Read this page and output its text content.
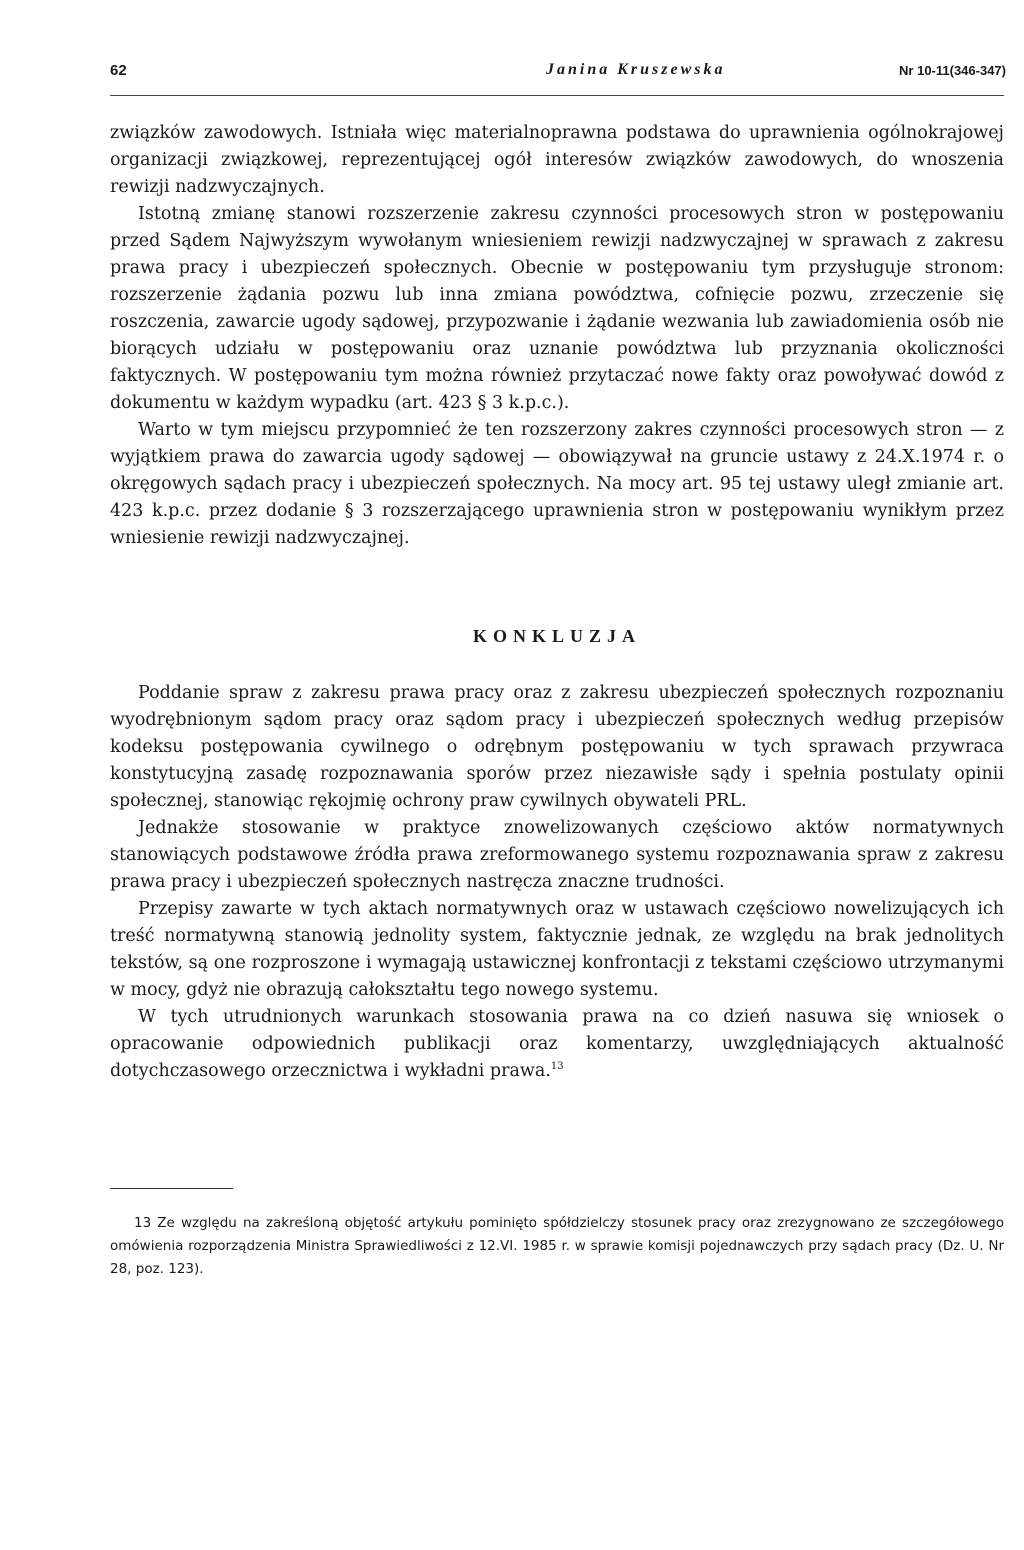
62	Janina Kruszewska	Nr 10-11(346-347)

związków zawodowych. Istniała więc materialnoprawna podstawa do uprawnienia ogólnokrajowej organizacji związkowej, reprezentującej ogół interesów związków zawodowych, do wnoszenia rewizji nadzwyczajnych.

Istotną zmianę stanowi rozszerzenie zakresu czynności procesowych stron w postępowaniu przed Sądem Najwyższym wywołanym wniesieniem rewizji nadzwyczajnej w sprawach z zakresu prawa pracy i ubezpieczeń społecznych. Obecnie w postępowaniu tym przysługuje stronom: rozszerzenie żądania pozwu lub inna zmiana powództwa, cofnięcie pozwu, zrzeczenie się roszczenia, zawarcie ugody sądowej, przypozwanie i żądanie wezwania lub zawiadomienia osób nie biorących udziału w postępowaniu oraz uznanie powództwa lub przyznania okoliczności faktycznych. W postępowaniu tym można również przytaczać nowe fakty oraz powoływać dowód z dokumentu w każdym wypadku (art. 423 § 3 k.p.c.).

Warto w tym miejscu przypomnieć że ten rozszerzony zakres czynności procesowych stron — z wyjątkiem prawa do zawarcia ugody sądowej — obowiązywał na gruncie ustawy z 24.X.1974 r. o okręgowych sądach pracy i ubezpieczeń społecznych. Na mocy art. 95 tej ustawy uległ zmianie art. 423 k.p.c. przez dodanie § 3 rozszerzającego uprawnienia stron w postępowaniu wynikłym przez wniesienie rewizji nadzwyczajnej.

KONKLUZJA

Poddanie spraw z zakresu prawa pracy oraz z zakresu ubezpieczeń społecznych rozpoznaniu wyodrębnionym sądom pracy oraz sądom pracy i ubezpieczeń społecznych według przepisów kodeksu postępowania cywilnego o odrębnym postępowaniu w tych sprawach przywraca konstytucyjną zasadę rozpoznawania sporów przez niezawisłe sądy i spełnia postulaty opinii społecznej, stanowiąc rękojmię ochrony praw cywilnych obywateli PRL.

Jednakże stosowanie w praktyce znowelizowanych częściowo aktów normatywnych stanowiących podstawowe źródła prawa zreformowanego systemu rozpoznawania spraw z zakresu prawa pracy i ubezpieczeń społecznych nastręcza znaczne trudności.

Przepisy zawarte w tych aktach normatywnych oraz w ustawach częściowo nowelizujących ich treść normatywną stanowią jednolity system, faktycznie jednak, ze względu na brak jednolitych tekstów, są one rozproszone i wymagają ustawicznej konfrontacji z tekstami częściowo utrzymanymi w mocy, gdyż nie obrazują całokształtu tego nowego systemu.

W tych utrudnionych warunkach stosowania prawa na co dzień nasuwa się wniosek o opracowanie odpowiednich publikacji oraz komentarzy, uwzględniających aktualność dotychczasowego orzecznictwa i wykładni prawa.$^{13}$

13 Ze względu na zakreśloną objętość artykułu pominięto spółdzielczy stosunek pracy oraz zrezygnowano ze szczegółowego omówienia rozporządzenia Ministra Sprawiedliwości z 12.VI. 1985 r. w sprawie komisji pojednawczych przy sądach pracy (Dz. U. Nr 28, poz. 123).
